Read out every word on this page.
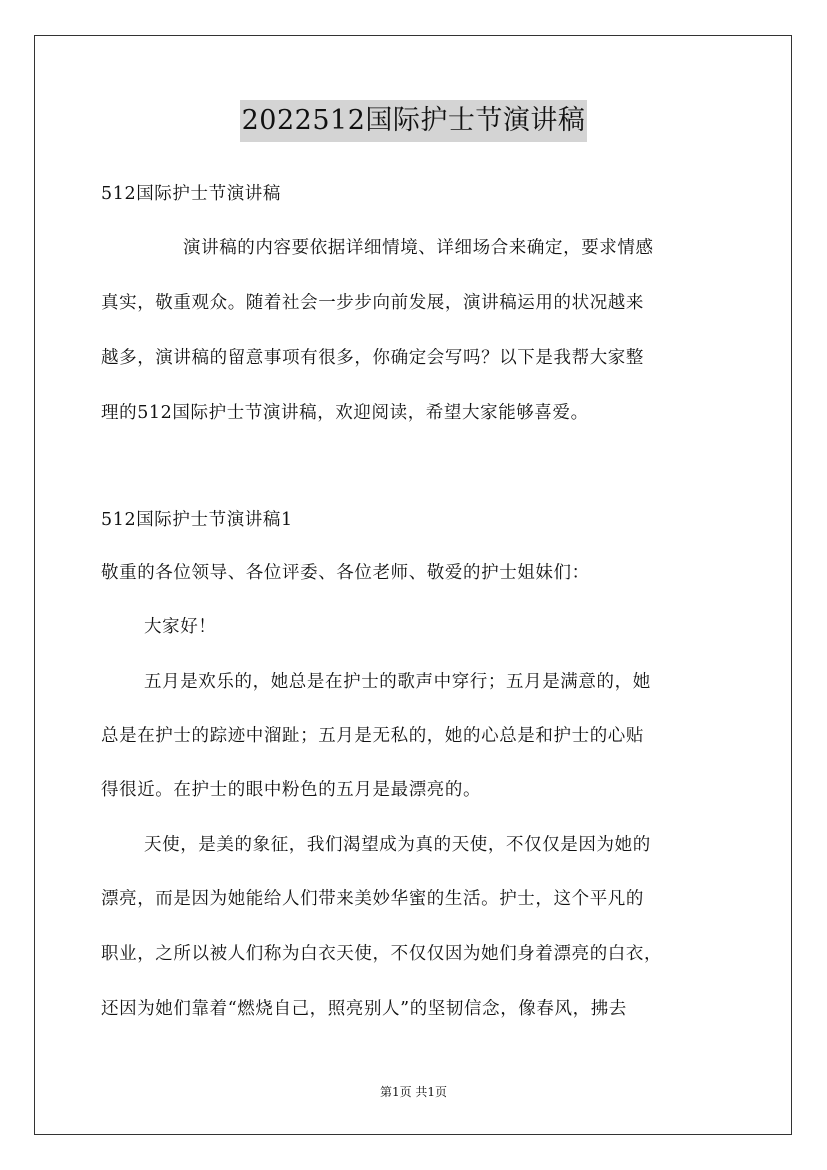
2022512国际护士节演讲稿
512国际护士节演讲稿
演讲稿的内容要依据详细情境、详细场合来确定，要求情感
真实，敬重观众。随着社会一步步向前发展，演讲稿运用的状况越来
越多，演讲稿的留意事项有很多，你确定会写吗？以下是我帮大家整
理的512国际护士节演讲稿，欢迎阅读，希望大家能够喜爱。
512国际护士节演讲稿1
敬重的各位领导、各位评委、各位老师、敬爱的护士姐妹们：
大家好！
五月是欢乐的，她总是在护士的歌声中穿行；五月是满意的，她
总是在护士的踪迹中溜趾；五月是无私的，她的心总是和护士的心贴
得很近。在护士的眼中粉色的五月是最漂亮的。
天使，是美的象征，我们渴望成为真的天使，不仅仅是因为她的
漂亮，而是因为她能给人们带来美妙华蜜的生活。护士，这个平凡的
职业，之所以被人们称为白衣天使，不仅仅因为她们身着漂亮的白衣，
还因为她们靠着“燃烧自己，照亮别人”的坚韧信念，像春风，拂去
第1页 共1页
